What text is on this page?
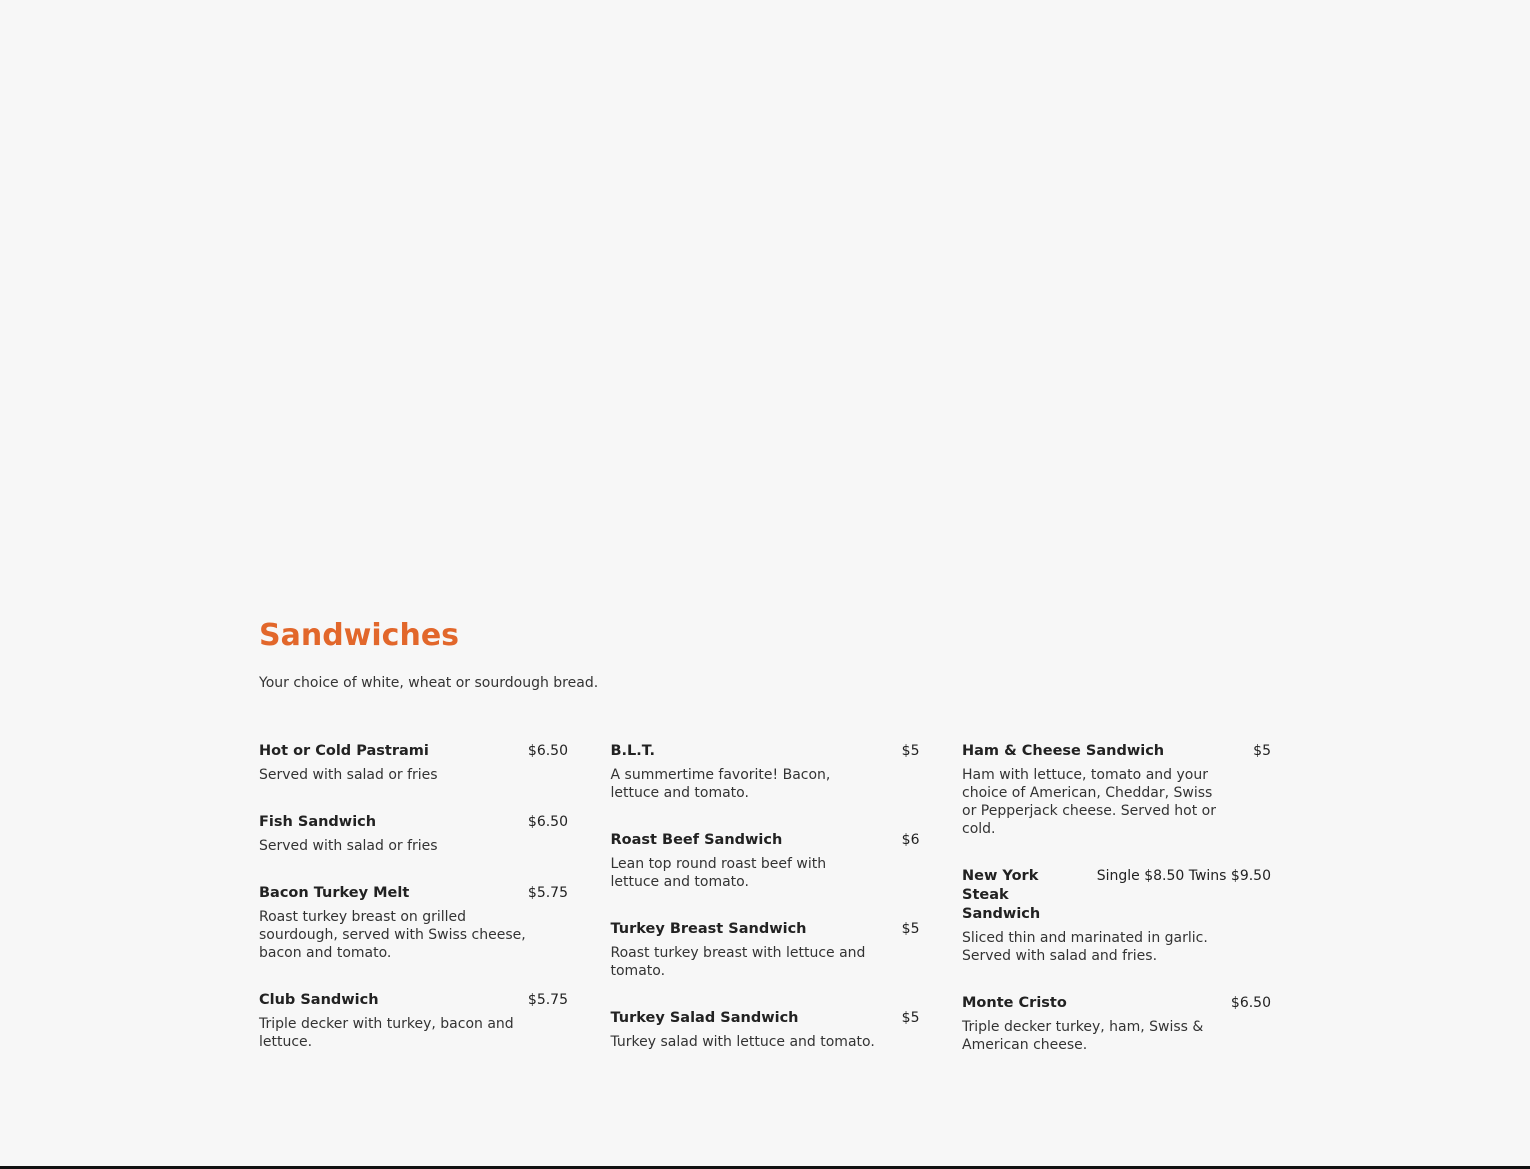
Sandwiches

Your choice of white, wheat or sourdough bread.

Hot or Cold Pastrami	$6.50
Served with salad or fries
Fish Sandwich	$6.50
Served with salad or fries
Bacon Turkey Melt	$5.75
Roast turkey breast on grilled sourdough, served with Swiss cheese, bacon and tomato.
Club Sandwich	$5.75
Triple decker with turkey, bacon and lettuce.
B.L.T.	$5
A summertime favorite! Bacon, lettuce and tomato.
Roast Beef Sandwich	$6
Lean top round roast beef with lettuce and tomato.
Turkey Breast Sandwich	$5
Roast turkey breast with lettuce and tomato.
Turkey Salad Sandwich	$5
Turkey salad with lettuce and tomato.
Ham & Cheese Sandwich	$5
Ham with lettuce, tomato and your choice of American, Cheddar, Swiss or Pepperjack cheese. Served hot or cold.
New York Steak Sandwich
Single $8.50 Twins $9.50
Sliced thin and marinated in garlic. Served with salad and fries.
Monte Cristo	$6.50
Triple decker turkey, ham, Swiss & American cheese.
